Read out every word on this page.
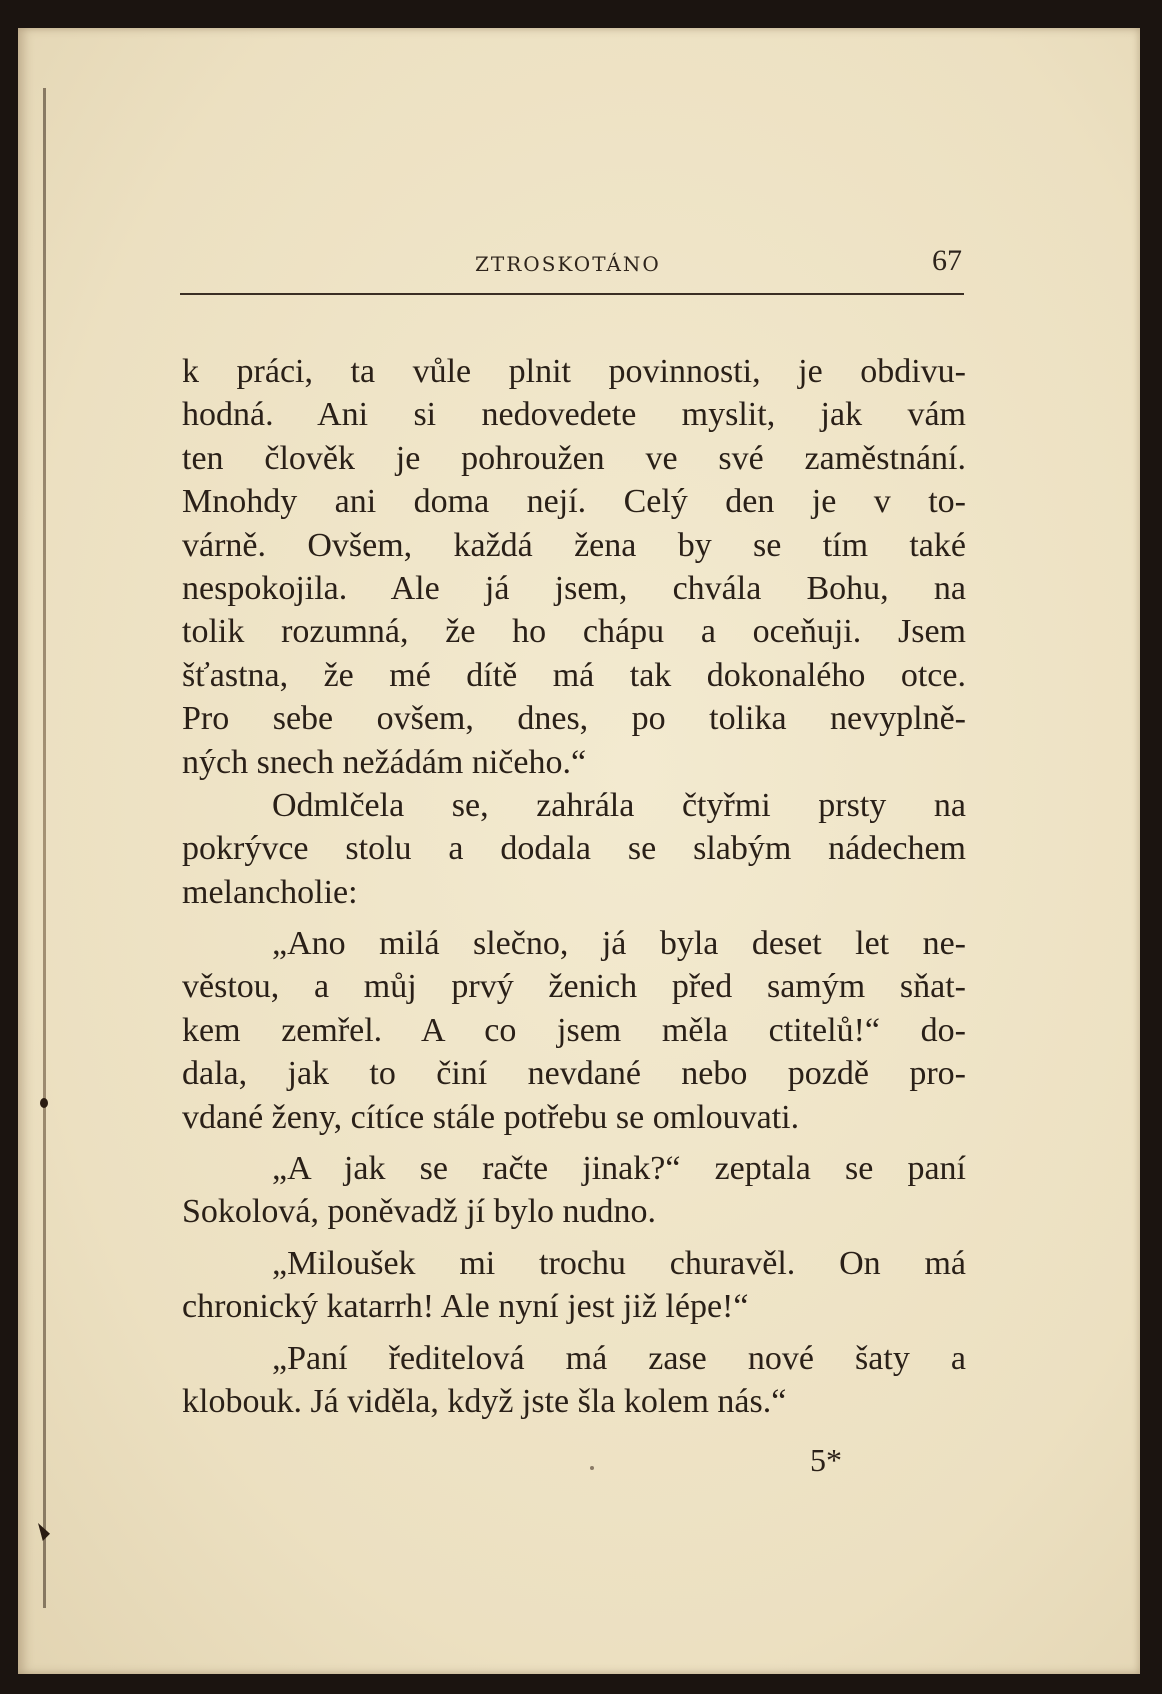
ZTROSKOTÁNO	67

k práci, ta vůle plnit povinnosti, je obdivu-
hodná. Ani si nedovedete myslit, jak vám
ten člověk je pohroužen ve své zaměstnání.
Mnohdy ani doma nejí. Celý den je v to-
várně. Ovšem, každá žena by se tím také
nespokojila. Ale já jsem, chvála Bohu, na
tolik rozumná, že ho chápu a oceňuji. Jsem
šťastna, že mé dítě má tak dokonalého otce.
Pro sebe ovšem, dnes, po tolika nevyplně-
ných snech nežádám ničeho.“

Odmlčela se, zahrála čtyřmi prsty na
pokrývce stolu a dodala se slabým nádechem
melancholie:

„Ano milá slečno, já byla deset let ne-
věstou, a můj prvý ženich před samým sňat-
kem zemřel. A co jsem měla ctitelů!“ do-
dala, jak to činí nevdané nebo pozdě pro-
vdané ženy, cítíce stále potřebu se omlouvati.

„A jak se račte jinak?“ zeptala se paní
Sokolová, poněvadž jí bylo nudno.

„Miloušek mi trochu churavěl. On má
chronický katarrh! Ale nyní jest již lépe!“

„Paní ředitelová má zase nové šaty a
klobouk. Já viděla, když jste šla kolem nás.“

5*
